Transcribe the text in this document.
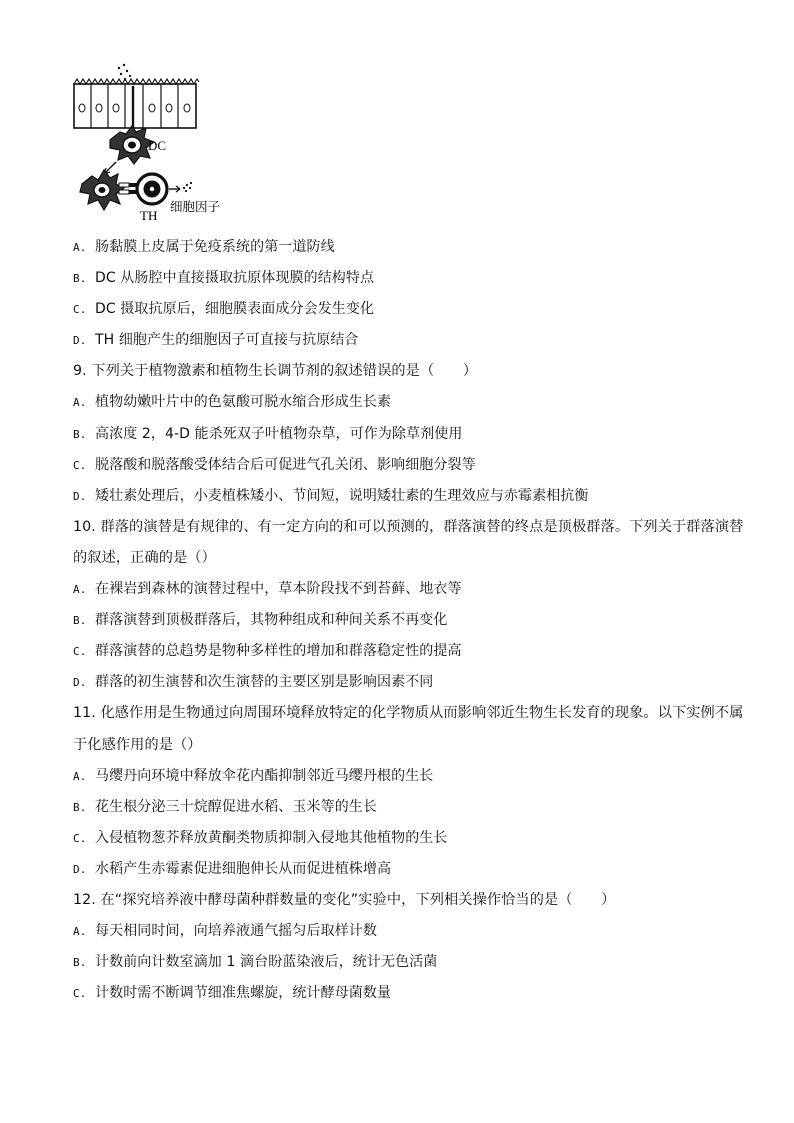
DC
TH
细胞因子
A. 肠黏膜上皮属于免疫系统的第一道防线
B. DC 从肠腔中直接摄取抗原体现膜的结构特点
C. DC 摄取抗原后，细胞膜表面成分会发生变化
D. TH 细胞产生的细胞因子可直接与抗原结合
9. 下列关于植物激素和植物生长调节剂的叙述错误的是（　　）
A. 植物幼嫩叶片中的色氨酸可脱水缩合形成生长素
B. 高浓度 2，4-D 能杀死双子叶植物杂草，可作为除草剂使用
C. 脱落酸和脱落酸受体结合后可促进气孔关闭、影响细胞分裂等
D. 矮壮素处理后，小麦植株矮小、节间短，说明矮壮素的生理效应与赤霉素相抗衡
10. 群落的演替是有规律的、有一定方向的和可以预测的，群落演替的终点是顶极群落。下列关于群落演替
的叙述，正确的是（）
A. 在裸岩到森林的演替过程中，草本阶段找不到苔藓、地衣等
B. 群落演替到顶极群落后，其物种组成和种间关系不再变化
C. 群落演替的总趋势是物种多样性的增加和群落稳定性的提高
D. 群落的初生演替和次生演替的主要区别是影响因素不同
11. 化感作用是生物通过向周围环境释放特定的化学物质从而影响邻近生物生长发育的现象。以下实例不属
于化感作用的是（）
A. 马缨丹向环境中释放伞花内酯抑制邻近马缨丹根的生长
B. 花生根分泌三十烷醇促进水稻、玉米等的生长
C. 入侵植物葱芥释放黄酮类物质抑制入侵地其他植物的生长
D. 水稻产生赤霉素促进细胞伸长从而促进植株增高
12. 在“探究培养液中酵母菌种群数量的变化”实验中，下列相关操作恰当的是（　　）
A. 每天相同时间，向培养液通气摇匀后取样计数
B. 计数前向计数室滴加 1 滴台盼蓝染液后，统计无色活菌
C. 计数时需不断调节细准焦螺旋，统计酵母菌数量
